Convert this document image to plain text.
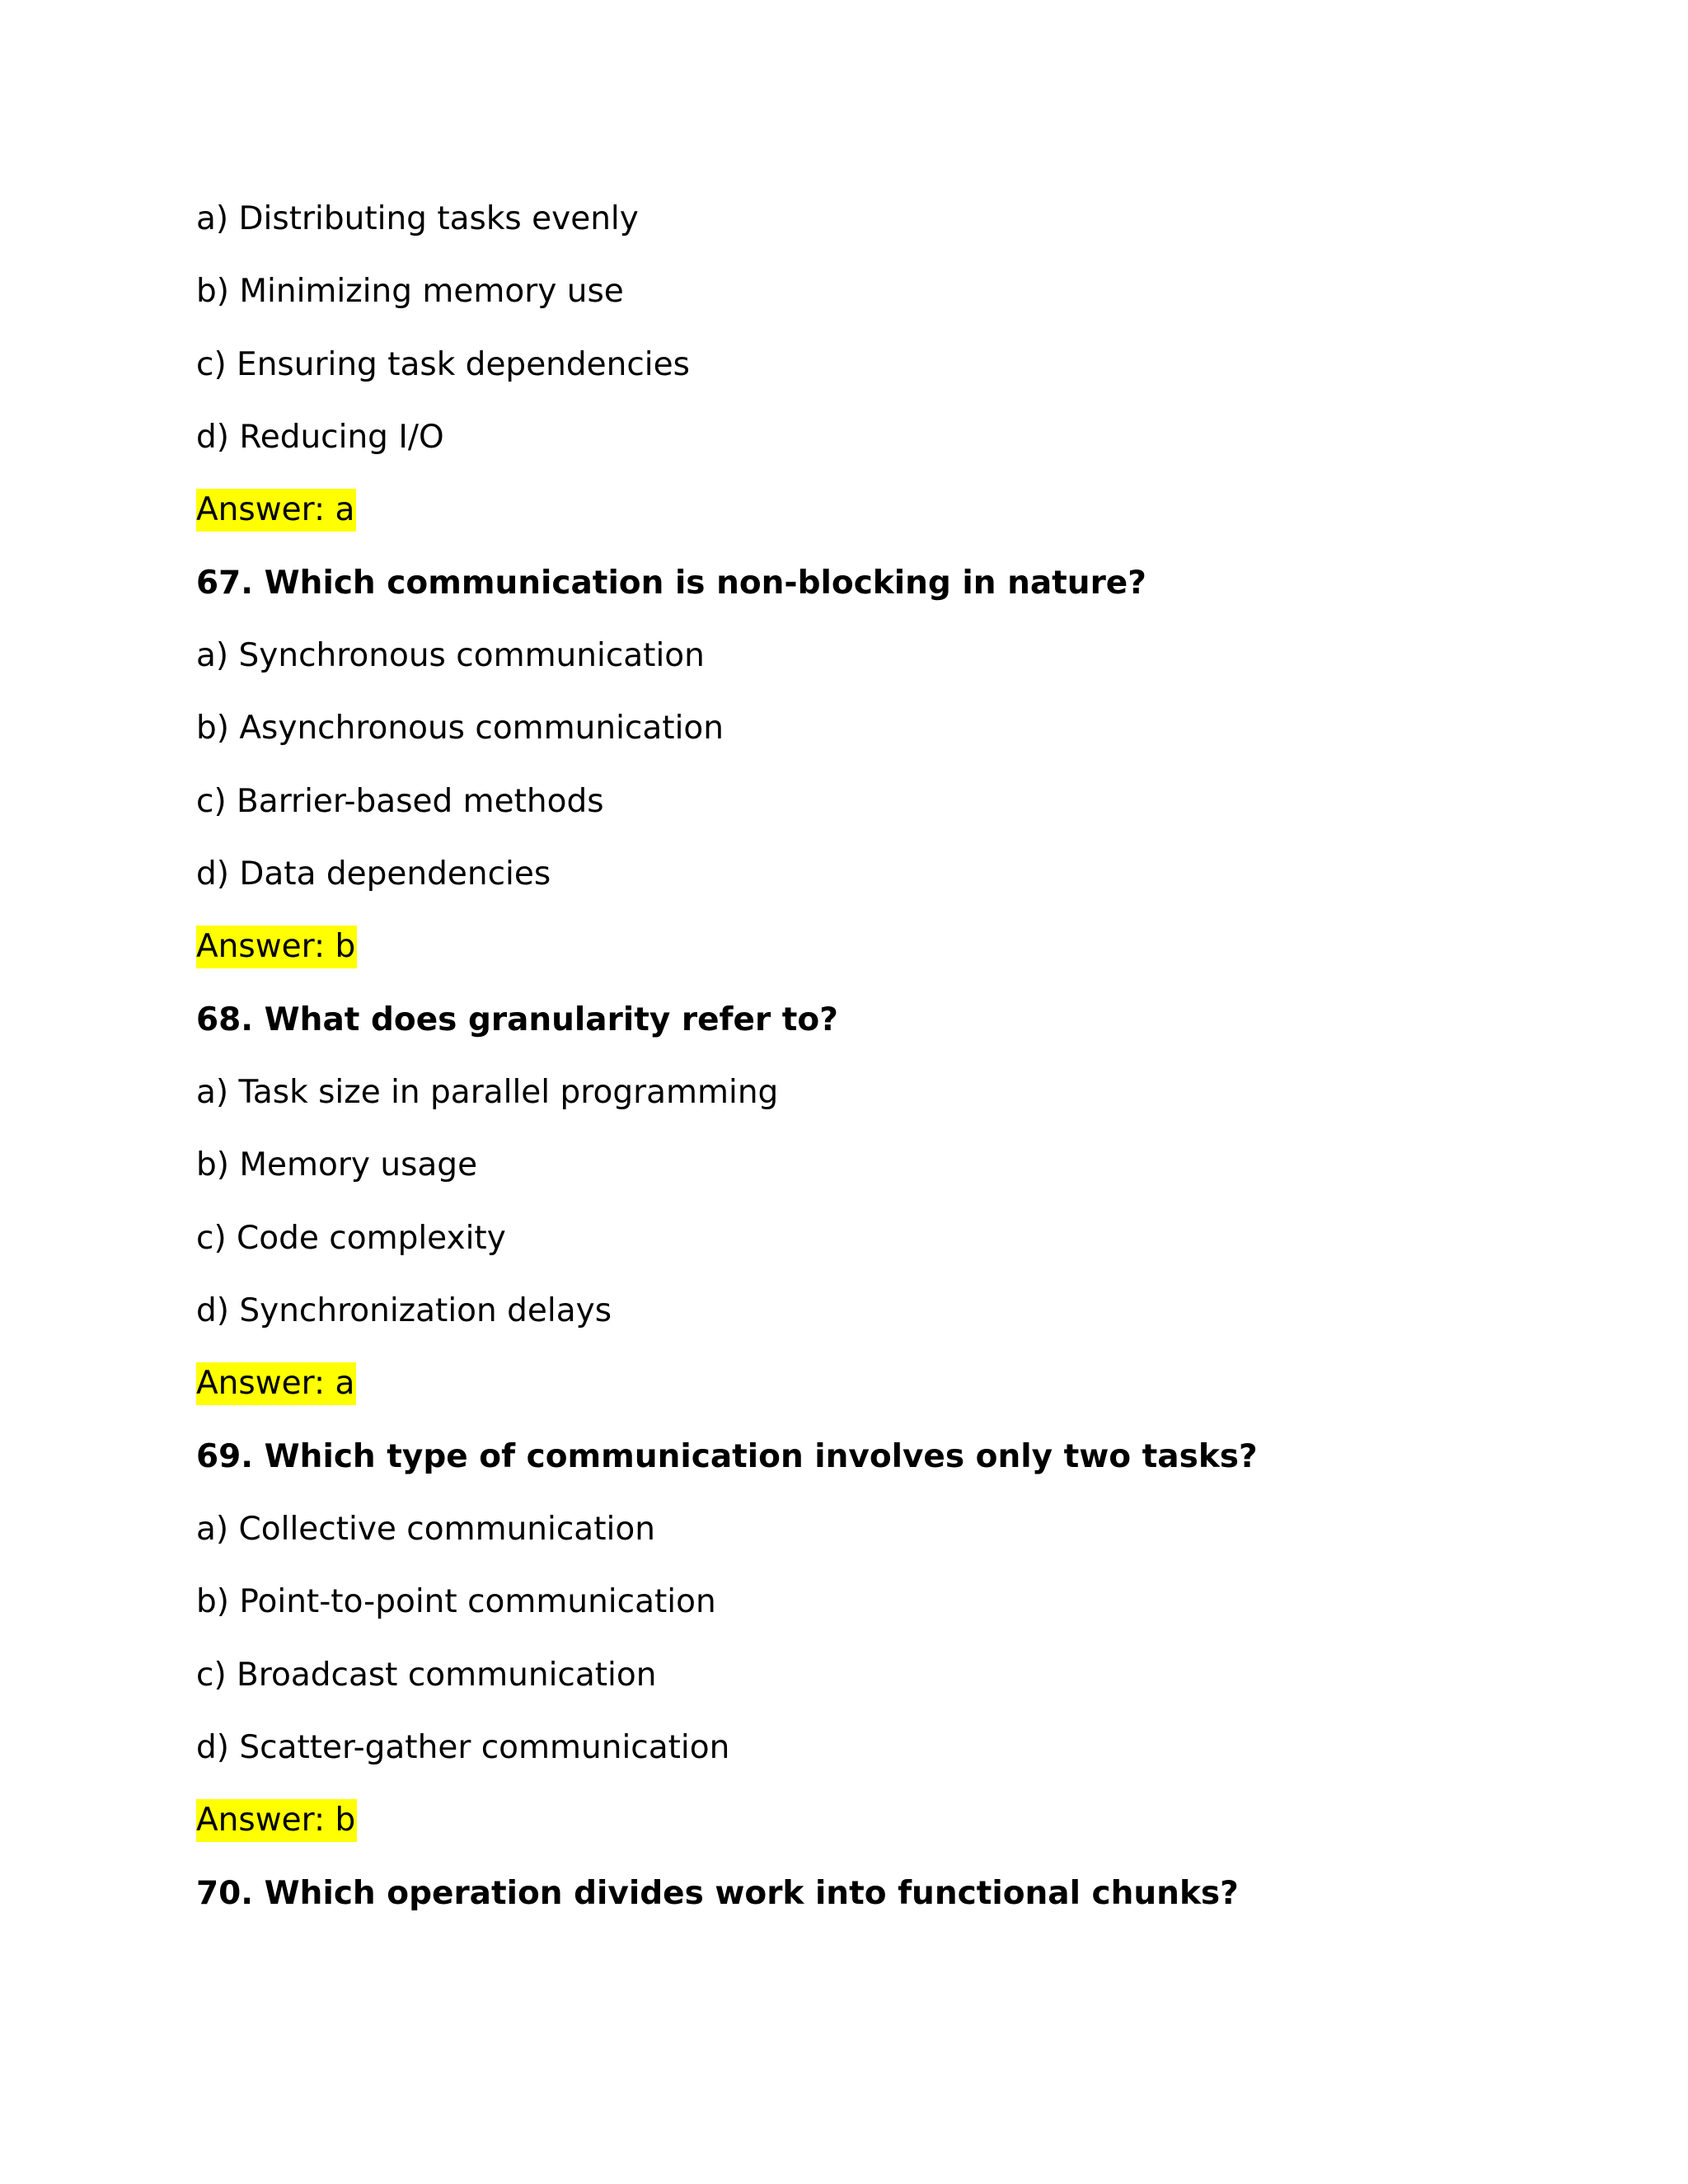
a) Distributing tasks evenly
b) Minimizing memory use
c) Ensuring task dependencies
d) Reducing I/O
Answer: a
67. Which communication is non-blocking in nature?
a) Synchronous communication
b) Asynchronous communication
c) Barrier-based methods
d) Data dependencies
Answer: b
68. What does granularity refer to?
a) Task size in parallel programming
b) Memory usage
c) Code complexity
d) Synchronization delays
Answer: a
69. Which type of communication involves only two tasks?
a) Collective communication
b) Point-to-point communication
c) Broadcast communication
d) Scatter-gather communication
Answer: b
70. Which operation divides work into functional chunks?
